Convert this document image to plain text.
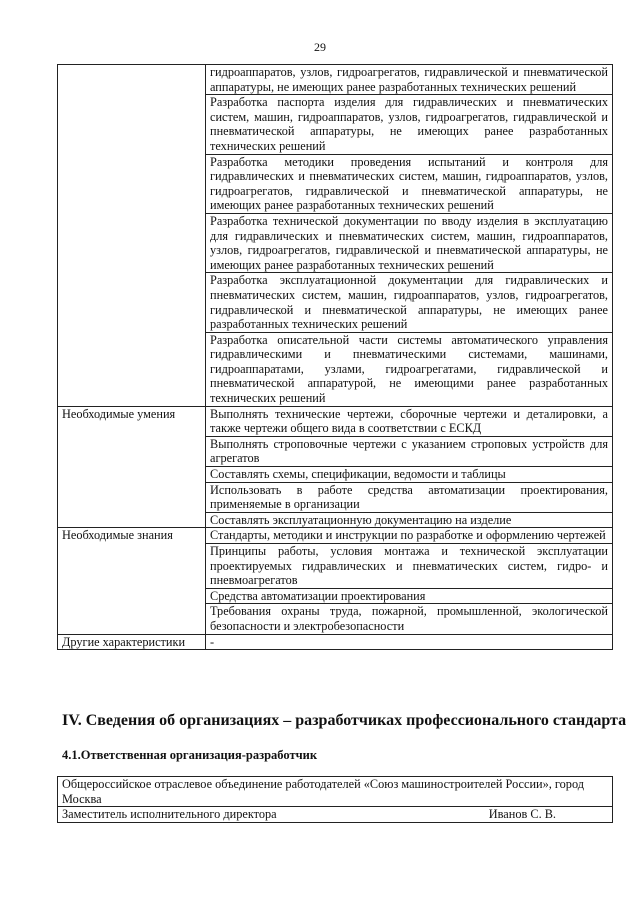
29
	гидроаппаратов, узлов, гидроагрегатов, гидравлической и пневматической аппаратуры, не имеющих ранее разработанных технических решений
	Разработка паспорта изделия для гидравлических и пневматических систем, машин, гидроаппаратов, узлов, гидроагрегатов, гидравлической и пневматической аппаратуры, не имеющих ранее разработанных технических решений
	Разработка методики проведения испытаний и контроля для гидравлических и пневматических систем, машин, гидроаппаратов, узлов, гидроагрегатов, гидравлической и пневматической аппаратуры, не имеющих ранее разработанных технических решений
	Разработка технической документации по вводу изделия в эксплуатацию для гидравлических и пневматических систем, машин, гидроаппаратов, узлов, гидроагрегатов, гидравлической и пневматической аппаратуры, не имеющих ранее разработанных технических решений
	Разработка эксплуатационной документации для гидравлических и пневматических систем, машин, гидроаппаратов, узлов, гидроагрегатов, гидравлической и пневматической аппаратуры, не имеющих ранее разработанных технических решений
	Разработка описательной части системы автоматического управления гидравлическими и пневматическими системами, машинами, гидроаппаратами, узлами, гидроагрегатами, гидравлической и пневматической аппаратурой, не имеющими ранее разработанных технических решений
Необходимые умения	Выполнять технические чертежи, сборочные чертежи и деталировки, а также чертежи общего вида в соответствии с ЕСКД
	Выполнять строповочные чертежи с указанием строповых устройств для агрегатов
	Составлять схемы, спецификации, ведомости и таблицы
	Использовать в работе средства автоматизации проектирования, применяемые в организации
	Составлять эксплуатационную документацию на изделие
Необходимые знания	Стандарты, методики и инструкции по разработке и оформлению чертежей
	Принципы работы, условия монтажа и технической эксплуатации проектируемых гидравлических и пневматических систем, гидро- и пневмоагрегатов
	Средства автоматизации проектирования
	Требования охраны труда, пожарной, промышленной, экологической безопасности и электробезопасности
Другие характеристики	-
IV. Сведения об организациях – разработчиках профессионального стандарта
4.1.Ответственная организация-разработчик
Общероссийское отраслевое объединение работодателей «Союз машиностроителей России», город Москва

Заместитель исполнительного директора	Иванов С. В.
